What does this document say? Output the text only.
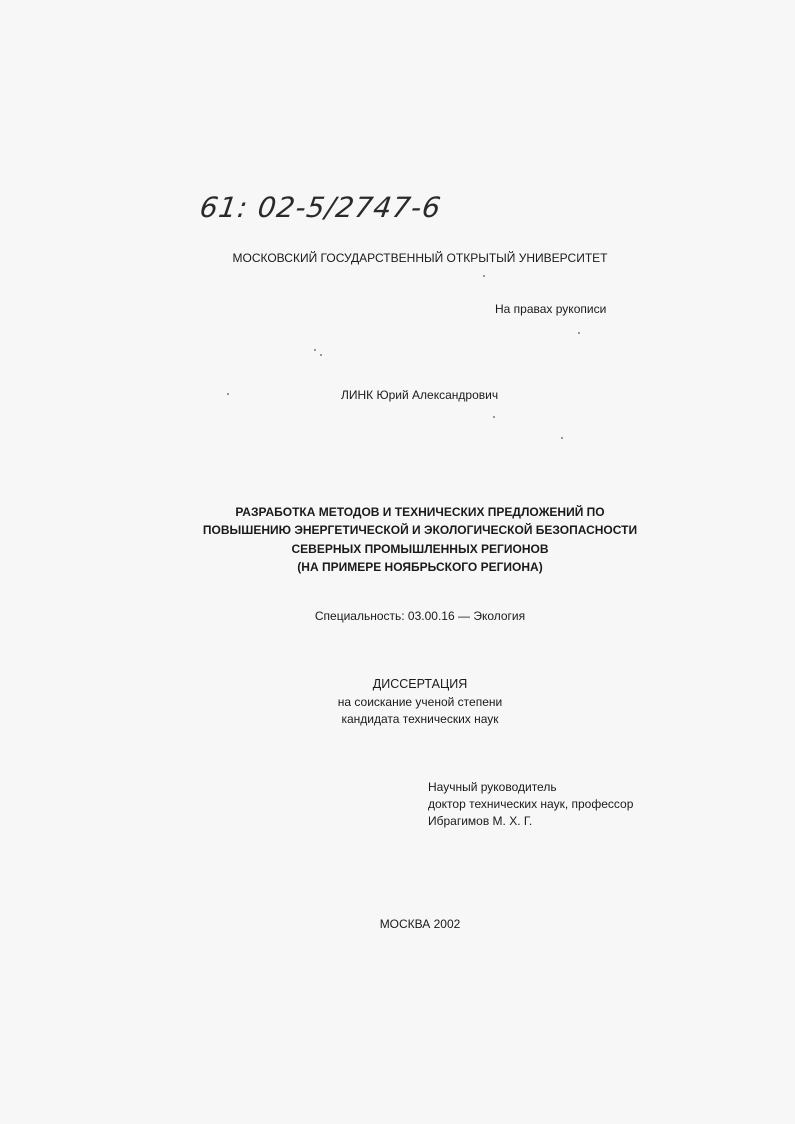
61: 02-5/2747-6
МОСКОВСКИЙ ГОСУДАРСТВЕННЫЙ ОТКРЫТЫЙ УНИВЕРСИТЕТ
На правах рукописи
ЛИНК Юрий Александрович
РАЗРАБОТКА МЕТОДОВ И ТЕХНИЧЕСКИХ ПРЕДЛОЖЕНИЙ ПО
ПОВЫШЕНИЮ ЭНЕРГЕТИЧЕСКОЙ И ЭКОЛОГИЧЕСКОЙ БЕЗОПАСНОСТИ
СЕВЕРНЫХ ПРОМЫШЛЕННЫХ РЕГИОНОВ
(НА ПРИМЕРЕ НОЯБРЬСКОГО РЕГИОНА)
Специальность: 03.00.16 — Экология
ДИССЕРТАЦИЯ
на соискание ученой степени
кандидата технических наук
Научный руководитель
доктор технических наук, профессор
Ибрагимов М. Х. Г.
МОСКВА 2002
